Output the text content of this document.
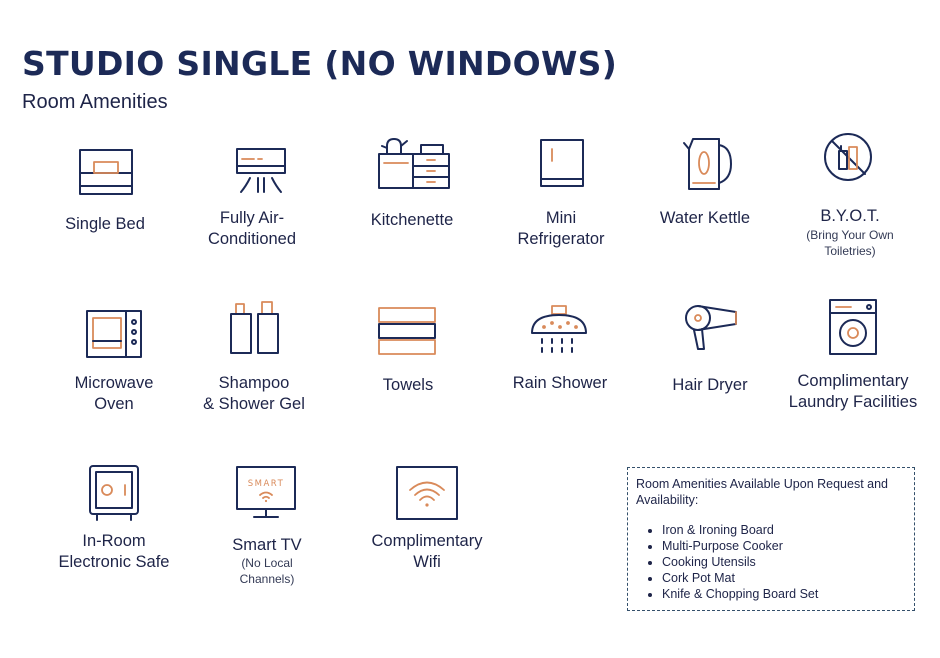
STUDIO SINGLE (NO WINDOWS)
Room Amenities
Single Bed	Fully Air-
Conditioned
Kitchenette	Mini
Refrigerator
Water Kettle	B.Y.O.T.
(Bring Your Own
Toiletries)
Microwave
Oven
Shampoo
& Shower Gel
Towels	Rain Shower	Hair Dryer	Complimentary
Laundry Facilities
In-Room
Electronic Safe
SMART
Smart TV
(No Local
Channels)
Complimentary
Wifi
Room Amenities Available Upon Request and Availability:
• Iron & Ironing Board
• Multi-Purpose Cooker
• Cooking Utensils
• Cork Pot Mat
• Knife & Chopping Board Set
